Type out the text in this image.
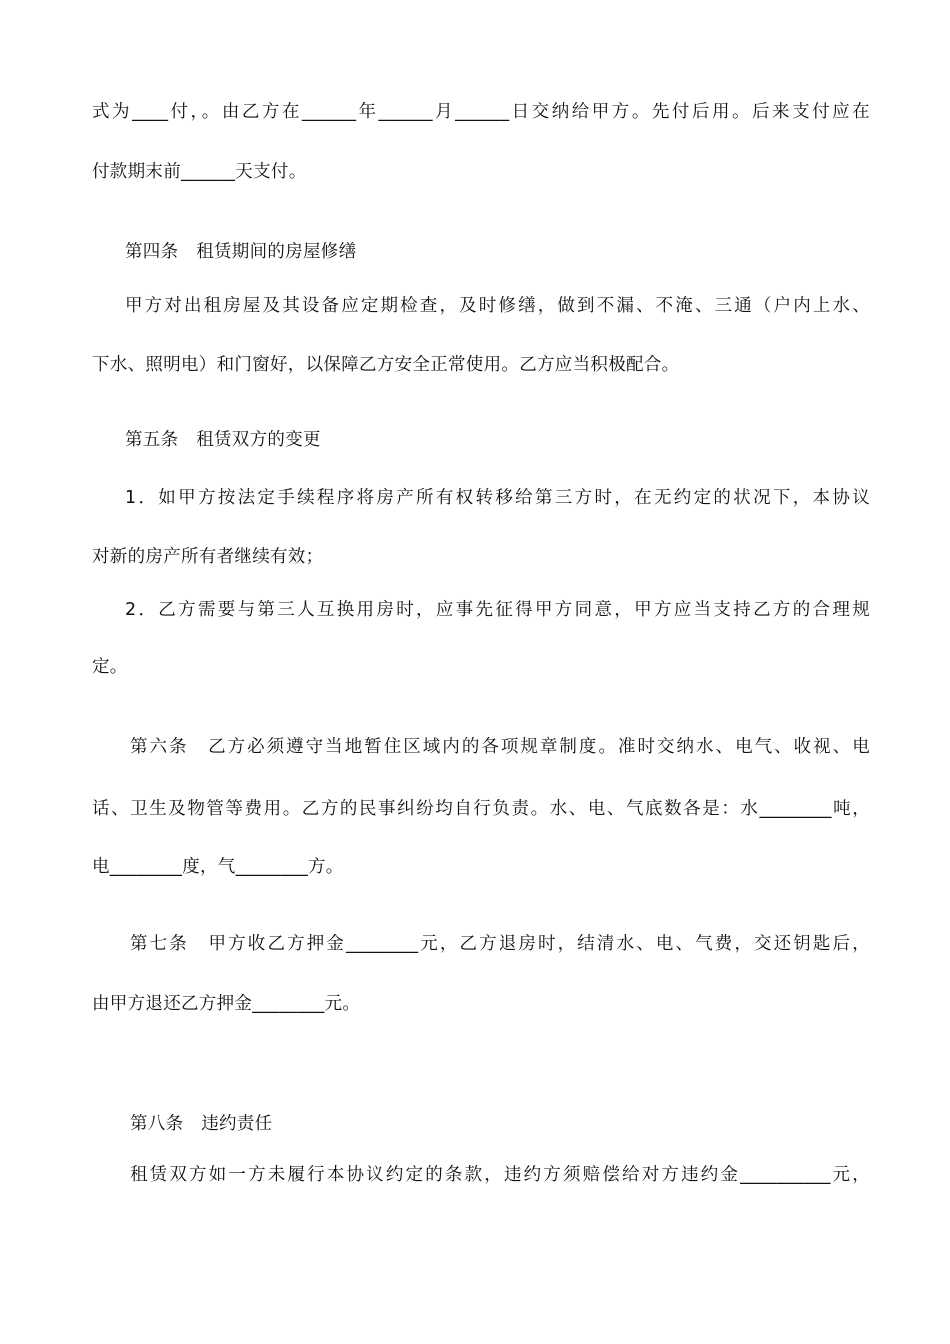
式为____付，。由乙方在______年______月______日交纳给甲方。先付后用。后来支付应在
付款期末前______天支付。
第四条　租赁期间的房屋修缮
甲方对出租房屋及其设备应定期检查，及时修缮，做到不漏、不淹、三通（户内上水、
下水、照明电）和门窗好，以保障乙方安全正常使用。乙方应当积极配合。
第五条　租赁双方的变更
1．如甲方按法定手续程序将房产所有权转移给第三方时，在无约定的状况下，本协议
对新的房产所有者继续有效；
2．乙方需要与第三人互换用房时，应事先征得甲方同意，甲方应当支持乙方的合理规
定。
第六条　乙方必须遵守当地暂住区域内的各项规章制度。准时交纳水、电气、收视、电
话、卫生及物管等费用。乙方的民事纠纷均自行负责。水、电、气底数各是：水________吨，
电________度，气________方。
第七条　甲方收乙方押金________元，乙方退房时，结清水、电、气费，交还钥匙后，
由甲方退还乙方押金________元。
第八条　违约责任
租赁双方如一方未履行本协议约定的条款，违约方须赔偿给对方违约金__________元，
